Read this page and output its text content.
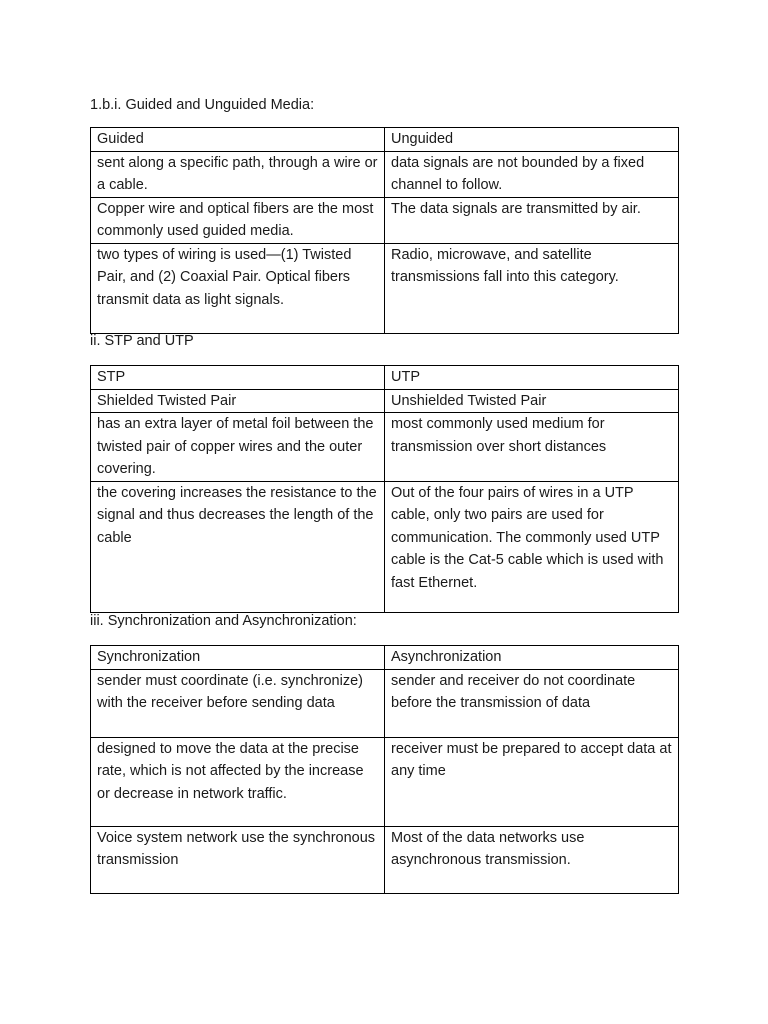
1.b.i. Guided and Unguided Media:
Guided	Unguided
sent along a specific path, through a wire or a cable.	data signals are not bounded by a fixed channel to follow.
Copper wire and optical fibers are the most commonly used guided media.	The data signals are transmitted by air.
two types of wiring is used—(1) Twisted Pair, and (2) Coaxial Pair. Optical fibers transmit data as light signals.	Radio, microwave, and satellite transmissions fall into this category.
ii. STP and UTP
STP	UTP
Shielded Twisted Pair	Unshielded Twisted Pair
has an extra layer of metal foil between the twisted pair of copper wires and the outer covering.	most commonly used medium for transmission over short distances
the covering increases the resistance to the signal and thus decreases the length of the cable	Out of the four pairs of wires in a UTP cable, only two pairs are used for communication. The commonly used UTP cable is the Cat-5 cable which is used with fast Ethernet.
iii. Synchronization and Asynchronization:
Synchronization	Asynchronization
sender must coordinate (i.e. synchronize) with the receiver before sending data	sender and receiver do not coordinate before the transmission of data
designed to move the data at the precise rate, which is not affected by the increase or decrease in network traffic.	receiver must be prepared to accept data at any time
Voice system network use the synchronous transmission	Most of the data networks use asynchronous transmission.
